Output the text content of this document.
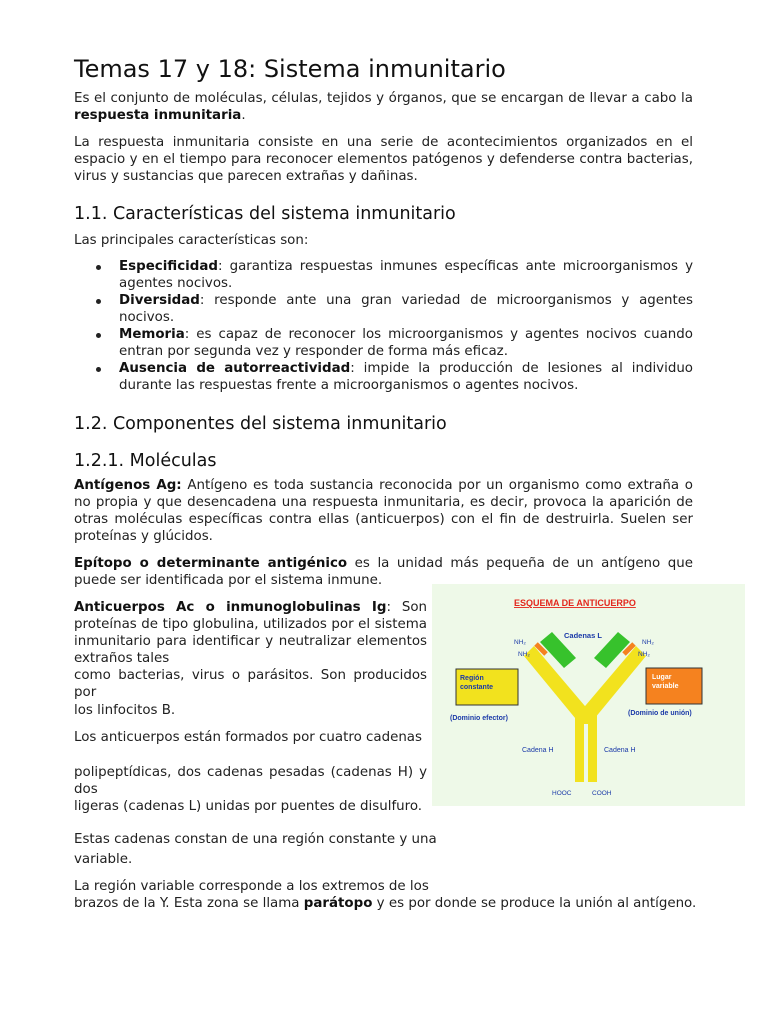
Temas 17 y 18: Sistema inmunitario

Es el conjunto de moléculas, células, tejidos y órganos, que se encargan de llevar a cabo la respuesta inmunitaria.

La respuesta inmunitaria consiste en una serie de acontecimientos organizados en el espacio y en el tiempo para reconocer elementos patógenos y defenderse contra bacterias, virus y sustancias que parecen extrañas y dañinas.

1.1. Características del sistema inmunitario

Las principales características son:

Especificidad: garantiza respuestas inmunes específicas ante microorganismos y agentes nocivos.
Diversidad: responde ante una gran variedad de microorganismos y agentes nocivos.
Memoria: es capaz de reconocer los microorganismos y agentes nocivos cuando entran por segunda vez y responder de forma más eficaz.
Ausencia de autorreactividad: impide la producción de lesiones al individuo durante las respuestas frente a microorganismos o agentes nocivos.
1.2. Componentes del sistema inmunitario
1.2.1. Moléculas

Antígenos Ag: Antígeno es toda sustancia reconocida por un organismo como extraña o no propia y que desencadena una respuesta inmunitaria, es decir, provoca la aparición de otras moléculas específicas contra ellas (anticuerpos) con el fin de destruirla. Suelen ser proteínas y glúcidos.

Epítopo o determinante antigénico es la unidad más pequeña de un antígeno que puede ser identificada por el sistema inmune.

Anticuerpos Ac o inmunoglobulinas Ig: Son proteínas de tipo globulina, utilizados por el sistema inmunitario para identificar y neutralizar elementos extraños tales

como bacterias, virus o parásitos. Son producidos por

los linfocitos B.

Los anticuerpos están formados por cuatro cadenas

polipeptídicas, dos cadenas pesadas (cadenas H) y dos

ligeras (cadenas L) unidas por puentes de disulfuro.

Estas cadenas constan de una región constante y una

variable.

La región variable corresponde a los extremos de los

brazos de la Y. Esta zona se llama parátopo y es por donde se produce la unión al antígeno.

ESQUEMA DE ANTICUERPO
Cadenas L
NH₂
NH₂
NH₂
NH₂
Región constante
Lugar variable
(Dominio efector)
(Dominio de unión)
Cadena H	Cadena H
HOOC	COOH
